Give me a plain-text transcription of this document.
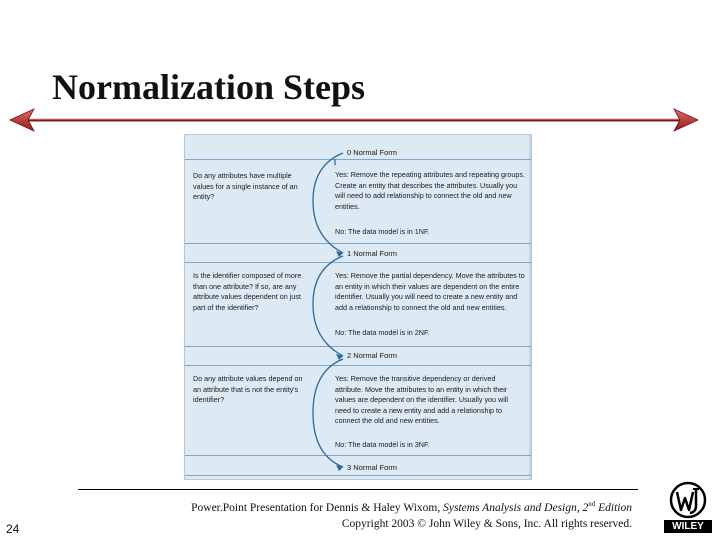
Normalization Steps
0 Normal Form
1 Normal Form
2 Normal Form
3 Normal Form
Do any attributes have multiple values for a single instance of an entity?
Yes: Remove the repeating attributes and repeating groups. Create an entity that describes the attributes. Usually you will need to add relationship to connect the old and new entities.
No: The data model is in 1NF.
Is the identifier composed of more than one attribute? If so, are any attribute values dependent on just part of the identifier?
Yes: Remove the partial dependency. Move the attributes to an entity in which their values are dependent on the entire identifier. Usually you will need to create a new entity and add a relationship to connect the old and new entities.
No: The data model is in 2NF.
Do any attribute values depend on an attribute that is not the entity's identifier?
Yes: Remove the transitive dependency or derived attribute. Move the attributes to an entity in which their values are dependent on the identifier. Usually you will need to create a new entity and add a relationship to connect the old and new entities.
No: The data model is in 3NF.
24
Power.Point Presentation for Dennis & Haley Wixom, Systems Analysis and Design, 2nd Edition
Copyright 2003 © John Wiley & Sons, Inc. All rights reserved.	WILEY
